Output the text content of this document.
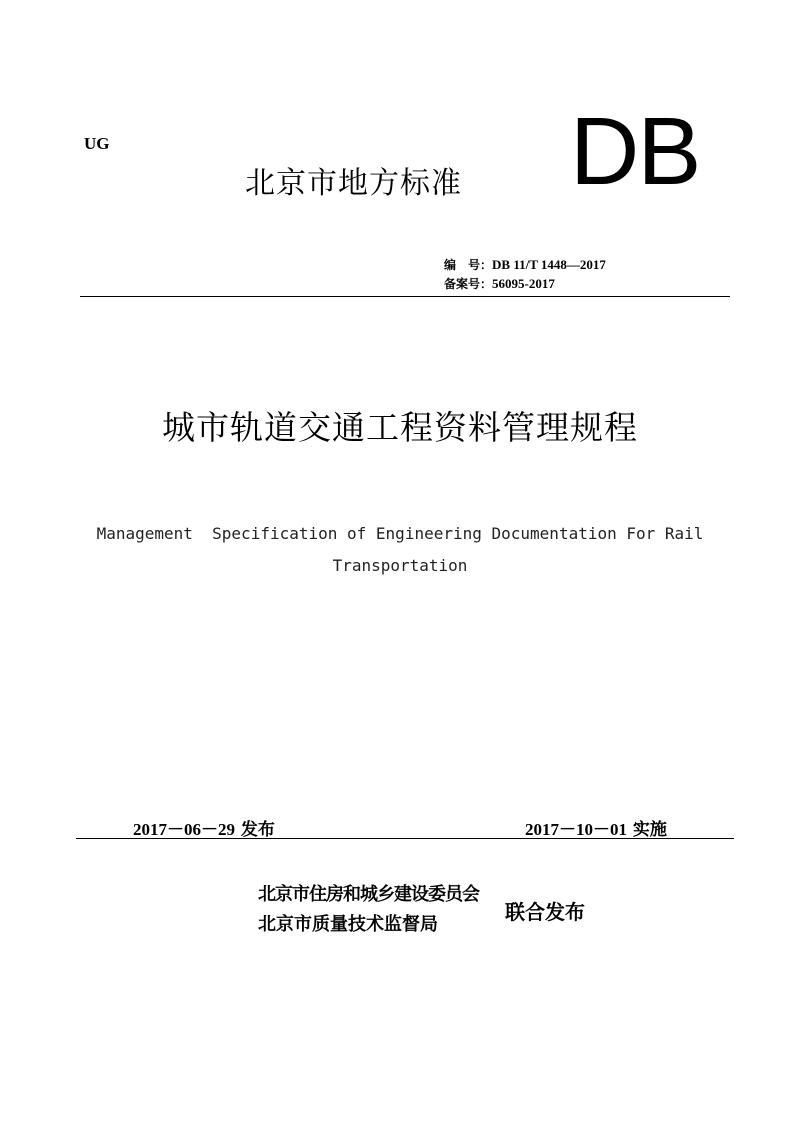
UG
北京市地方标准 DB
编　号：DB 11/T 1448—2017
备案号：56095-2017
城市轨道交通工程资料管理规程
Management  Specification of Engineering Documentation For Rail
Transportation
2017－06－29 发布	2017－10－01 实施
北京市住房和城乡建设委员会
北京市质量技术监督局
联合发布
